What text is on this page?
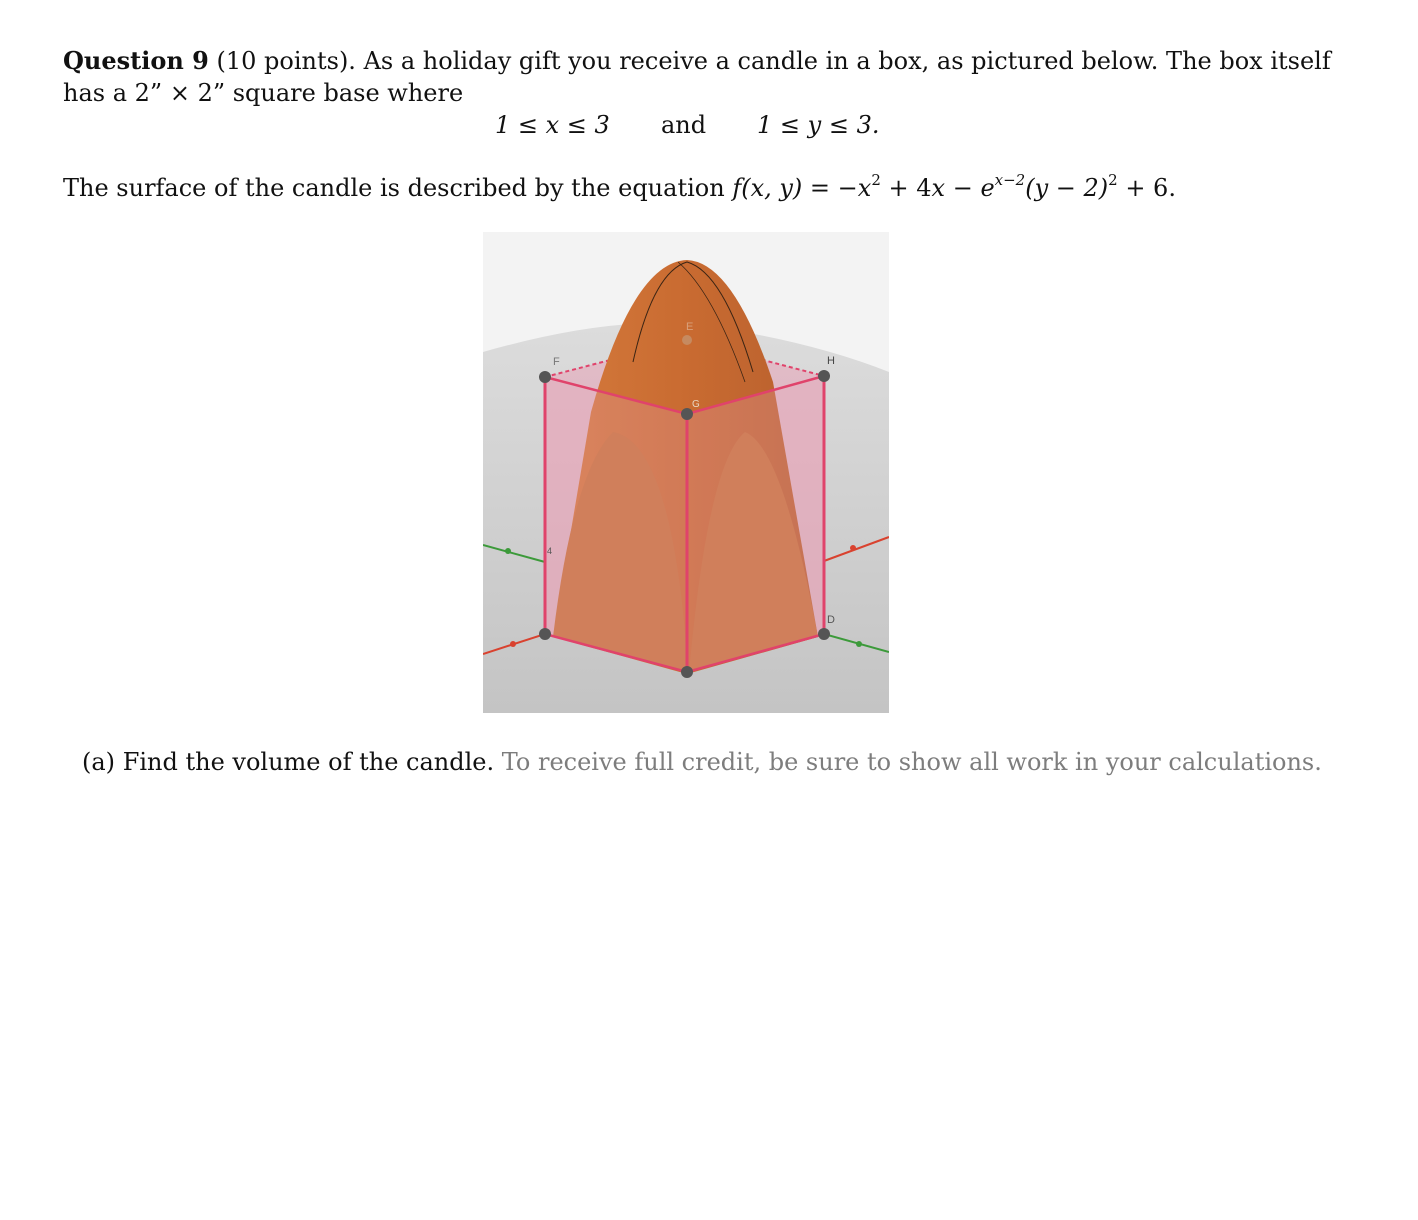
Question 9 (10 points). As a holiday gift you receive a candle in a box, as pictured below. The box itself
has a 2” × 2” square base where
1 ≤ x ≤ 3 and 1 ≤ y ≤ 3.
The surface of the candle is described by the equation f(x, $y) = -x^2 + 4x - e^{x-2}(y - 2)^2 + 6$.
E
F	H
G
D
4
(a) Find the volume of the candle. To receive full credit, be sure to show all work in your calculations.
